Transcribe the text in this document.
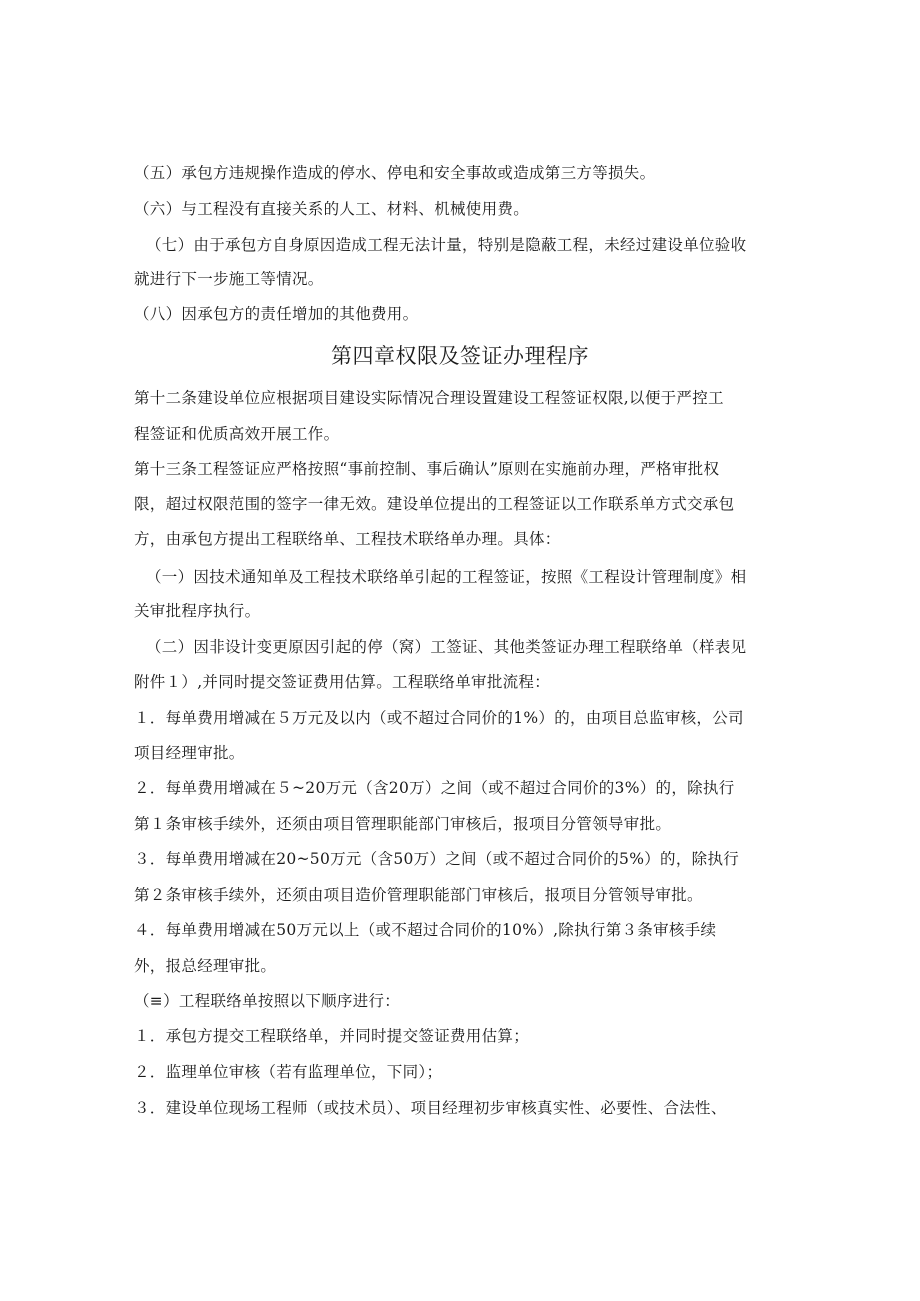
（五）承包方违规操作造成的停水、停电和安全事故或造成第三方等损失。
（六）与工程没有直接关系的人工、材料、机械使用费。
（七）由于承包方自身原因造成工程无法计量，特别是隐蔽工程，未经过建设单位验收
就进行下一步施工等情况。
（八）因承包方的责任增加的其他费用。
第四章权限及签证办理程序
第十二条建设单位应根据项目建设实际情况合理设置建设工程签证权限,以便于严控工
程签证和优质高效开展工作。
第十三条工程签证应严格按照“事前控制、事后确认”原则在实施前办理，严格审批权
限，超过权限范围的签字一律无效。建设单位提出的工程签证以工作联系单方式交承包
方，由承包方提出工程联络单、工程技术联络单办理。具体：
（一）因技术通知单及工程技术联络单引起的工程签证，按照《工程设计管理制度》相
关审批程序执行。
（二）因非设计变更原因引起的停（窝）工签证、其他类签证办理工程联络单（样表见
附件１）,并同时提交签证费用估算。工程联络单审批流程：
１．每单费用增减在５万元及以内（或不超过合同价的1%）的，由项目总监审核，公司
项目经理审批。
２．每单费用增减在５~20万元（含20万）之间（或不超过合同价的3%）的，除执行
第１条审核手续外，还须由项目管理职能部门审核后，报项目分管领导审批。
３．每单费用增减在20~50万元（含50万）之间（或不超过合同价的5%）的，除执行
第２条审核手续外，还须由项目造价管理职能部门审核后，报项目分管领导审批。
４．每单费用增减在50万元以上（或不超过合同价的10%）,除执行第３条审核手续
外，报总经理审批。
（≡）工程联络单按照以下顺序进行：
１．承包方提交工程联络单，并同时提交签证费用估算；
２．监理单位审核（若有监理单位，下同）；
３．建设单位现场工程师（或技术员）、项目经理初步审核真实性、必要性、合法性、
